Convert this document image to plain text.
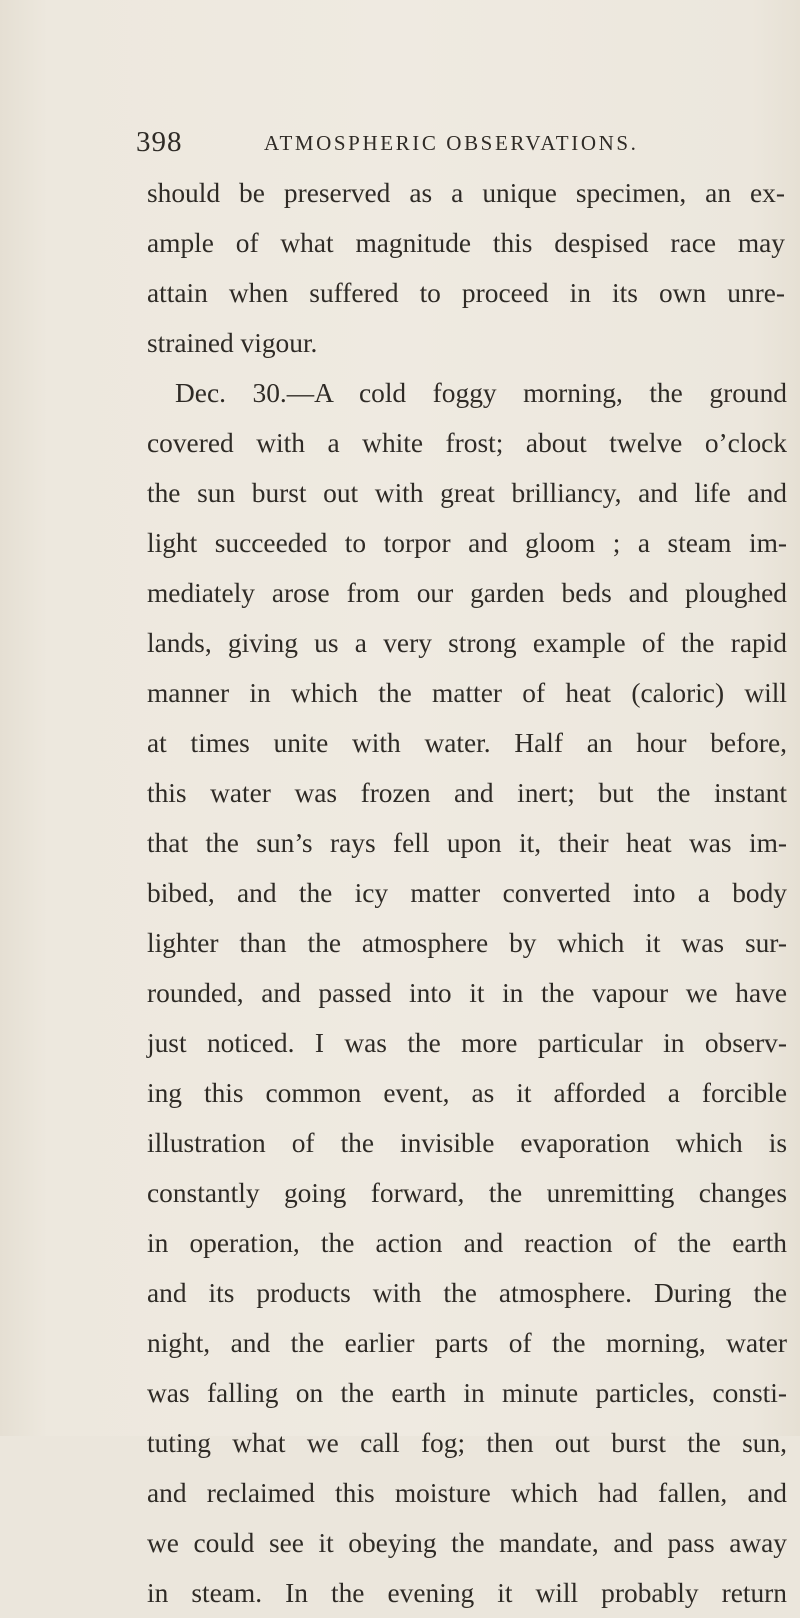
398	ATMOSPHERIC OBSERVATIONS.
should be preserved as a unique specimen, an ex-
ample of what magnitude this despised race may
attain when suffered to proceed in its own unre-
strained vigour.
Dec. 30.—A cold foggy morning, the ground
covered with a white frost; about twelve o’clock
the sun burst out with great brilliancy, and life and
light succeeded to torpor and gloom ; a steam im-
mediately arose from our garden beds and ploughed
lands, giving us a very strong example of the rapid
manner in which the matter of heat (caloric) will
at times unite with water. Half an hour before,
this water was frozen and inert; but the instant
that the sun’s rays fell upon it, their heat was im-
bibed, and the icy matter converted into a body
lighter than the atmosphere by which it was sur-
rounded, and passed into it in the vapour we have
just noticed. I was the more particular in observ-
ing this common event, as it afforded a forcible
illustration of the invisible evaporation which is
constantly going forward, the unremitting changes
in operation, the action and reaction of the earth
and its products with the atmosphere. During the
night, and the earlier parts of the morning, water
was falling on the earth in minute particles, consti-
tuting what we call fog; then out burst the sun,
and reclaimed this moisture which had fallen, and
we could see it obeying the mandate, and pass away
in steam. In the evening it will probably return
